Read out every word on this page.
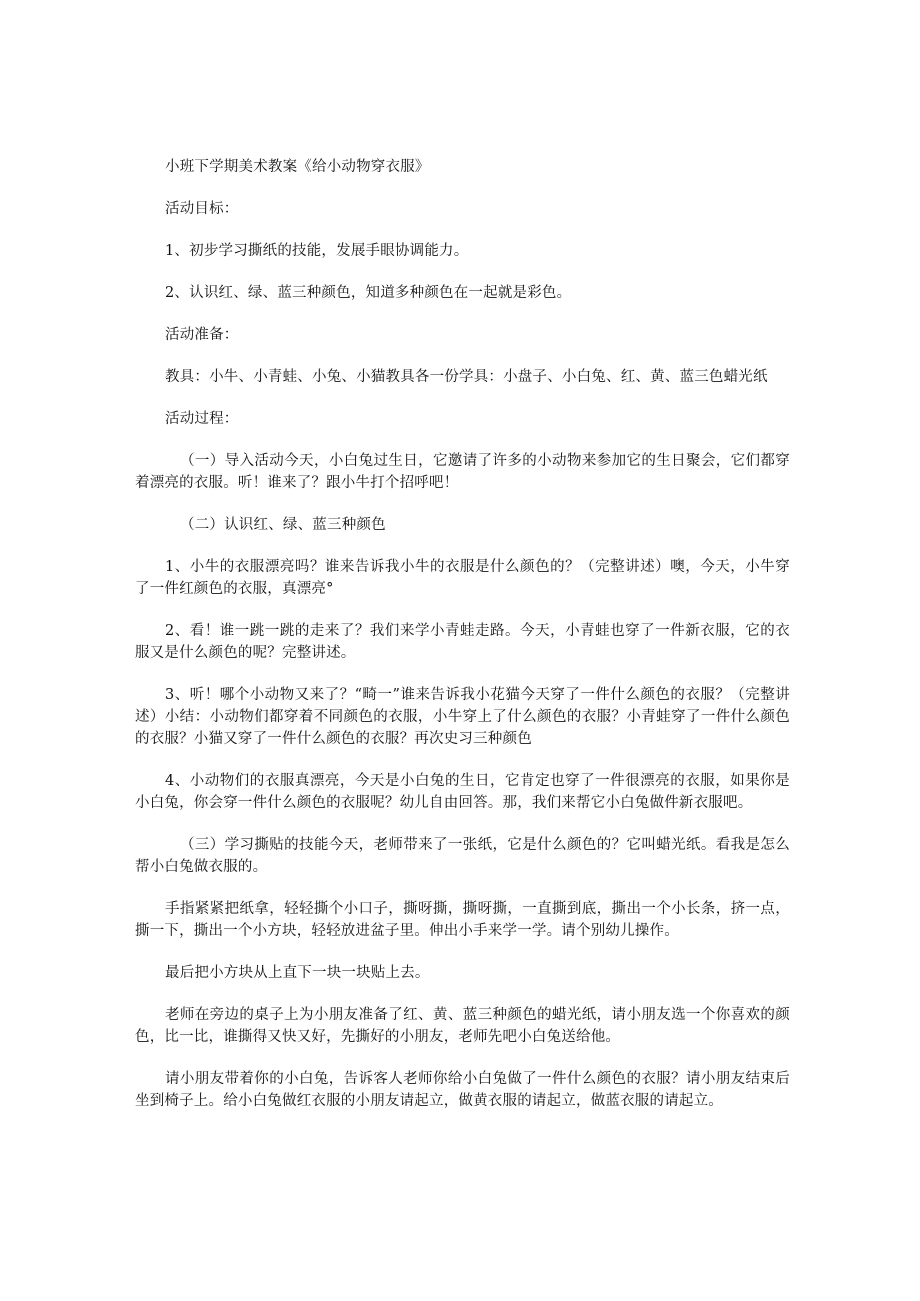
小班下学期美术教案《给小动物穿衣服》

活动目标：

1、初步学习撕纸的技能，发展手眼协调能力。

2、认识红、绿、蓝三种颜色，知道多种颜色在一起就是彩色。

活动准备：

教具：小牛、小青蛙、小兔、小猫教具各一份学具：小盘子、小白兔、红、黄、蓝三色蜡光纸

活动过程：

（一）导入活动今天，小白兔过生日，它邀请了许多的小动物来参加它的生日聚会，它们都穿着漂亮的衣服。听！谁来了？跟小牛打个招呼吧！

（二）认识红、绿、蓝三种颜色

1、小牛的衣服漂亮吗？谁来告诉我小牛的衣服是什么颜色的？（完整讲述）噢，今天，小牛穿了一件红颜色的衣服，真漂亮°

2、看！谁一跳一跳的走来了？我们来学小青蛙走路。今天，小青蛙也穿了一件新衣服，它的衣服又是什么颜色的呢？完整讲述。

3、听！哪个小动物又来了？“畸一”谁来告诉我小花猫今天穿了一件什么颜色的衣服？（完整讲述）小结：小动物们都穿着不同颜色的衣服，小牛穿上了什么颜色的衣服？小青蛙穿了一件什么颜色的衣服？小猫又穿了一件什么颜色的衣服？再次史习三种颜色

4、小动物们的衣服真漂亮，今天是小白兔的生日，它肯定也穿了一件很漂亮的衣服，如果你是小白兔，你会穿一件什么颜色的衣服呢？幼儿自由回答。那，我们来帮它小白兔做件新衣服吧。

（三）学习撕贴的技能今天，老师带来了一张纸，它是什么颜色的？它叫蜡光纸。看我是怎么帮小白兔做衣服的。

手指紧紧把纸拿，轻轻撕个小口子，撕呀撕，撕呀撕，一直撕到底，撕出一个小长条，挤一点，撕一下，撕出一个小方块，轻轻放进盆子里。伸出小手来学一学。请个别幼儿操作。

最后把小方块从上直下一块一块贴上去。

老师在旁边的桌子上为小朋友准备了红、黄、蓝三种颜色的蜡光纸，请小朋友选一个你喜欢的颜色，比一比，谁撕得又快又好，先撕好的小朋友，老师先吧小白兔送给他。

请小朋友带着你的小白兔，告诉客人老师你给小白兔做了一件什么颜色的衣服？请小朋友结束后坐到椅子上。给小白兔做红衣服的小朋友请起立，做黄衣服的请起立，做蓝衣服的请起立。
